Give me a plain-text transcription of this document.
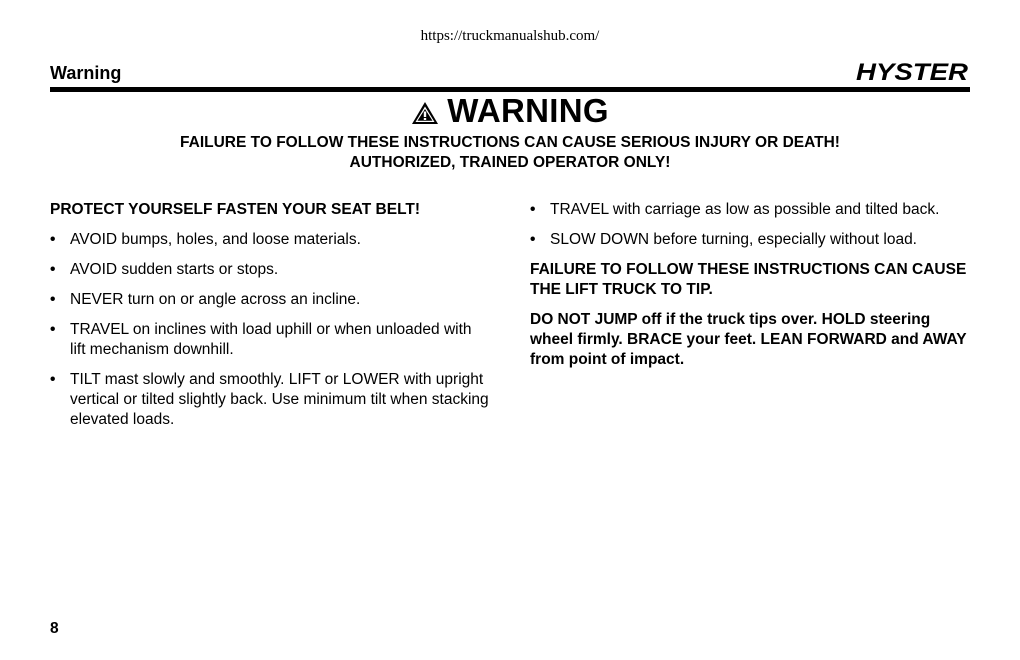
https://truckmanualshub.com/
Warning	HYSTER
WARNING
FAILURE TO FOLLOW THESE INSTRUCTIONS CAN CAUSE SERIOUS INJURY OR DEATH!
AUTHORIZED, TRAINED OPERATOR ONLY!

PROTECT YOURSELF FASTEN YOUR SEAT BELT!

• AVOID bumps, holes, and loose materials.
• AVOID sudden starts or stops.
• NEVER turn on or angle across an incline.
• TRAVEL on inclines with load uphill or when unloaded with lift mechanism downhill.
• TILT mast slowly and smoothly. LIFT or LOWER with upright vertical or tilted slightly back. Use minimum tilt when stacking elevated loads.
• TRAVEL with carriage as low as possible and tilted back.
• SLOW DOWN before turning, especially without load.

FAILURE TO FOLLOW THESE INSTRUCTIONS CAN CAUSE THE LIFT TRUCK TO TIP.

DO NOT JUMP off if the truck tips over. HOLD steering wheel firmly. BRACE your feet. LEAN FORWARD and AWAY from point of impact.

8
